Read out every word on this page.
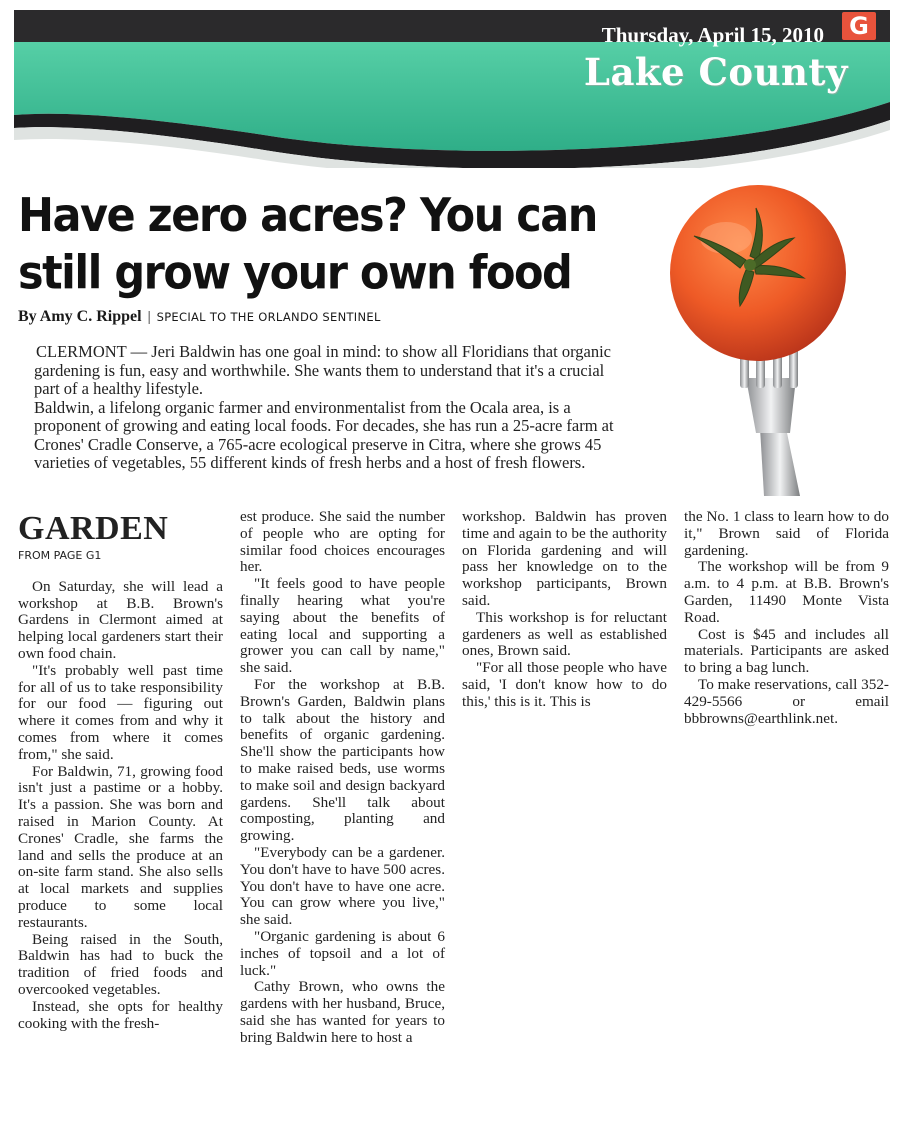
Thursday, April 15, 2010 G
Lake County
Have zero acres? You can still grow your own food
By Amy C. Rippel | SPECIAL TO THE ORLANDO SENTINEL

CLERMONT — Jeri Baldwin has one goal in mind: to show all Floridians that organic gardening is fun, easy and worthwhile. She wants them to understand that it's a crucial part of a healthy lifestyle.

Baldwin, a lifelong organic farmer and environmentalist from the Ocala area, is a proponent of growing and eating local foods. For decades, she has run a 25-acre farm at Crones' Cradle Conserve, a 765-acre ecological preserve in Citra, where she grows 45 varieties of vegetables, 55 different kinds of fresh herbs and a host of fresh flowers.

GARDEN
FROM PAGE G1

On Saturday, she will lead a workshop at B.B. Brown's Gardens in Clermont aimed at helping local gardeners start their own food chain.

"It's probably well past time for all of us to take responsibility for our food — figuring out where it comes from and why it comes from where it comes from," she said.

For Baldwin, 71, growing food isn't just a pastime or a hobby. It's a passion. She was born and raised in Marion County. At Crones' Cradle, she farms the land and sells the produce at an on-site farm stand. She also sells at local markets and supplies produce to some local restaurants.

Being raised in the South, Baldwin has had to buck the tradition of fried foods and overcooked vegetables.

Instead, she opts for healthy cooking with the fresh-

est produce. She said the number of people who are opting for similar food choices encourages her.

"It feels good to have people finally hearing what you're saying about the benefits of eating local and supporting a grower you can call by name," she said.

For the workshop at B.B. Brown's Garden, Baldwin plans to talk about the history and benefits of organic gardening. She'll show the participants how to make raised beds, use worms to make soil and design backyard gardens. She'll talk about composting, planting and growing.

"Everybody can be a gardener. You don't have to have 500 acres. You don't have to have one acre. You can grow where you live," she said.

"Organic gardening is about 6 inches of topsoil and a lot of luck."

Cathy Brown, who owns the gardens with her husband, Bruce, said she has wanted for years to bring Baldwin here to host a

workshop. Baldwin has proven time and again to be the authority on Florida gardening and will pass her knowledge on to the workshop participants, Brown said.

This workshop is for reluctant gardeners as well as established ones, Brown said.

"For all those people who have said, 'I don't know how to do this,' this is it. This is

the No. 1 class to learn how to do it," Brown said of Florida gardening.

The workshop will be from 9 a.m. to 4 p.m. at B.B. Brown's Garden, 11490 Monte Vista Road.

Cost is $45 and includes all materials. Participants are asked to bring a bag lunch.

To make reservations, call 352-429-5566 or email bbbrowns@earthlink.net.
